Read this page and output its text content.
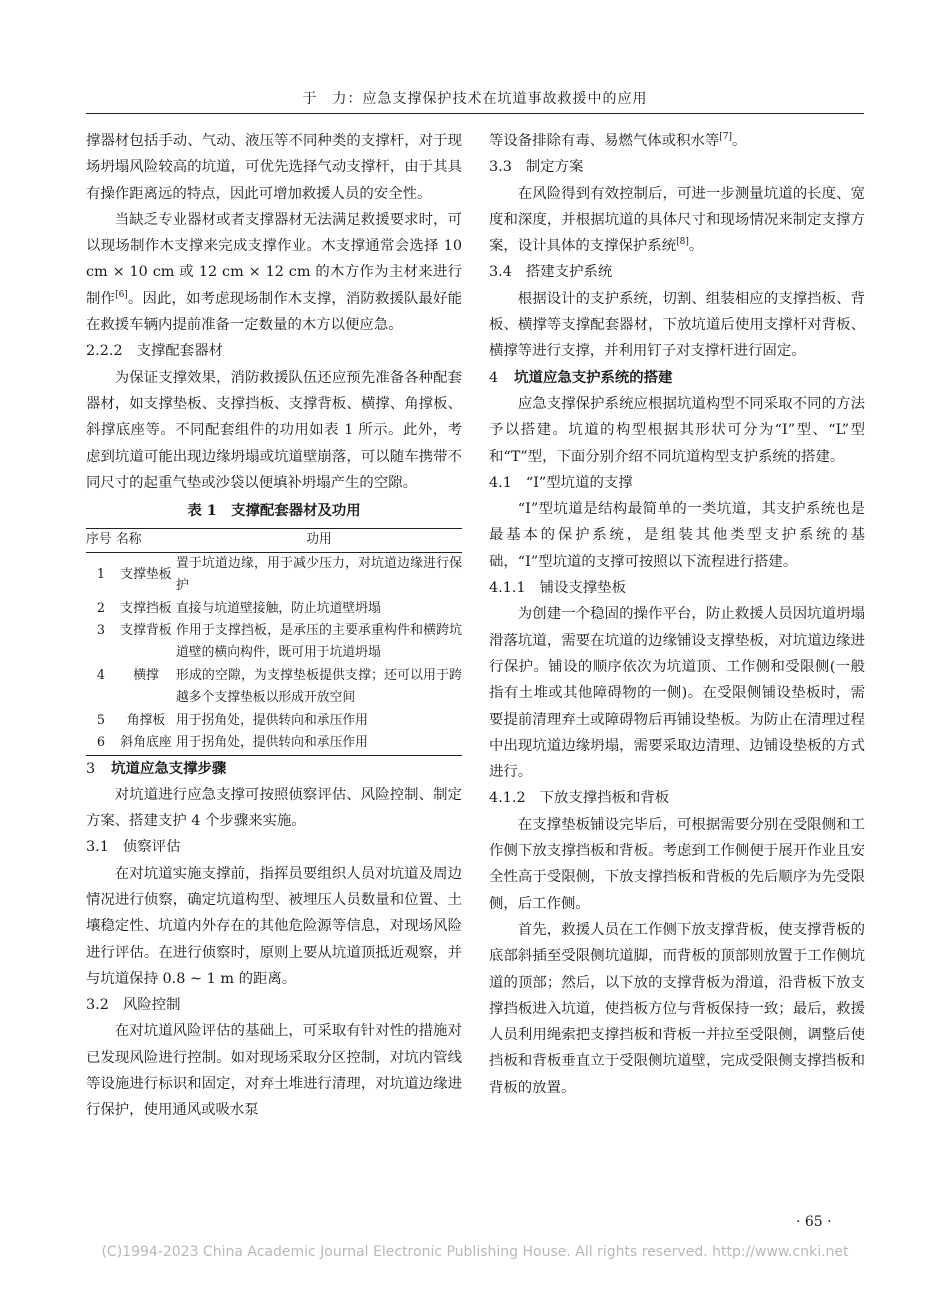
于　力：应急支撑保护技术在坑道事故救援中的应用

撑器材包括手动、气动、液压等不同种类的支撑杆，对于现场坍塌风险较高的坑道，可优先选择气动支撑杆，由于其具有操作距离远的特点，因此可增加救援人员的安全性。

当缺乏专业器材或者支撑器材无法满足救援要求时，可以现场制作木支撑来完成支撑作业。木支撑通常会选择 10 cm × 10 cm 或 12 cm × 12 cm 的木方作为主材来进行制作[6]。因此，如考虑现场制作木支撑，消防救援队最好能在救援车辆内提前准备一定数量的木方以便应急。

2.2.2 支撑配套器材

为保证支撑效果，消防救援队伍还应预先准备各种配套器材，如支撑垫板、支撑挡板、支撑背板、横撑、角撑板、斜撑底座等。不同配套组件的功用如表 1 所示。此外，考虑到坑道可能出现边缘坍塌或坑道壁崩落，可以随车携带不同尺寸的起重气垫或沙袋以便填补坍塌产生的空隙。

表 1　支撑配套器材及功用
序号	名称	功用
1	支撑垫板	置于坑道边缘，用于减少压力，对坑道边缘进行保护
2	支撑挡板	直接与坑道壁接触，防止坑道壁坍塌
3	支撑背板	作用于支撑挡板，是承压的主要承重构件和横跨坑道壁的横向构件，既可用于坑道坍塌
4	横撑	形成的空隙，为支撑垫板提供支撑；还可以用于跨越多个支撑垫板以形成开放空间
5	角撑板	用于拐角处，提供转向和承压作用
6	斜角底座	用于拐角处，提供转向和承压作用

3 坑道应急支撑步骤

对坑道进行应急支撑可按照侦察评估、风险控制、制定方案、搭建支护 4 个步骤来实施。

3.1 侦察评估

在对坑道实施支撑前，指挥员要组织人员对坑道及周边情况进行侦察，确定坑道构型、被埋压人员数量和位置、土壤稳定性、坑道内外存在的其他危险源等信息，对现场风险进行评估。在进行侦察时，原则上要从坑道顶抵近观察，并与坑道保持 0.8 ~ 1 m 的距离。

3.2 风险控制

在对坑道风险评估的基础上，可采取有针对性的措施对已发现风险进行控制。如对现场采取分区控制，对坑内管线等设施进行标识和固定，对弃土堆进行清理，对坑道边缘进行保护，使用通风或吸水泵

等设备排除有毒、易燃气体或积水等[7]。

3.3 制定方案

在风险得到有效控制后，可进一步测量坑道的长度、宽度和深度，并根据坑道的具体尺寸和现场情况来制定支撑方案，设计具体的支撑保护系统[8]。

3.4 搭建支护系统

根据设计的支护系统，切割、组装相应的支撑挡板、背板、横撑等支撑配套器材，下放坑道后使用支撑杆对背板、横撑等进行支撑，并利用钉子对支撑杆进行固定。

4 坑道应急支护系统的搭建

应急支撑保护系统应根据坑道构型不同采取不同的方法予以搭建。坑道的构型根据其形状可分为“I”型、“L”型和“T”型，下面分别介绍不同坑道构型支护系统的搭建。

4.1 “I”型坑道的支撑

“I”型坑道是结构最简单的一类坑道，其支护系统也是最基本的保护系统，是组装其他类型支护系统的基础，“I”型坑道的支撑可按照以下流程进行搭建。

4.1.1 铺设支撑垫板

为创建一个稳固的操作平台，防止救援人员因坑道坍塌滑落坑道，需要在坑道的边缘铺设支撑垫板，对坑道边缘进行保护。铺设的顺序依次为坑道顶、工作侧和受限侧(一般指有土堆或其他障碍物的一侧)。在受限侧铺设垫板时，需要提前清理弃土或障碍物后再铺设垫板。为防止在清理过程中出现坑道边缘坍塌，需要采取边清理、边铺设垫板的方式进行。

4.1.2 下放支撑挡板和背板

在支撑垫板铺设完毕后，可根据需要分别在受限侧和工作侧下放支撑挡板和背板。考虑到工作侧便于展开作业且安全性高于受限侧，下放支撑挡板和背板的先后顺序为先受限侧，后工作侧。

首先，救援人员在工作侧下放支撑背板，使支撑背板的底部斜插至受限侧坑道脚，而背板的顶部则放置于工作侧坑道的顶部；然后，以下放的支撑背板为滑道，沿背板下放支撑挡板进入坑道，使挡板方位与背板保持一致；最后，救援人员利用绳索把支撑挡板和背板一并拉至受限侧，调整后使挡板和背板垂直立于受限侧坑道壁，完成受限侧支撑挡板和背板的放置。

· 65 ·
(C)1994-2023 China Academic Journal Electronic Publishing House. All rights reserved. http://www.cnki.net
